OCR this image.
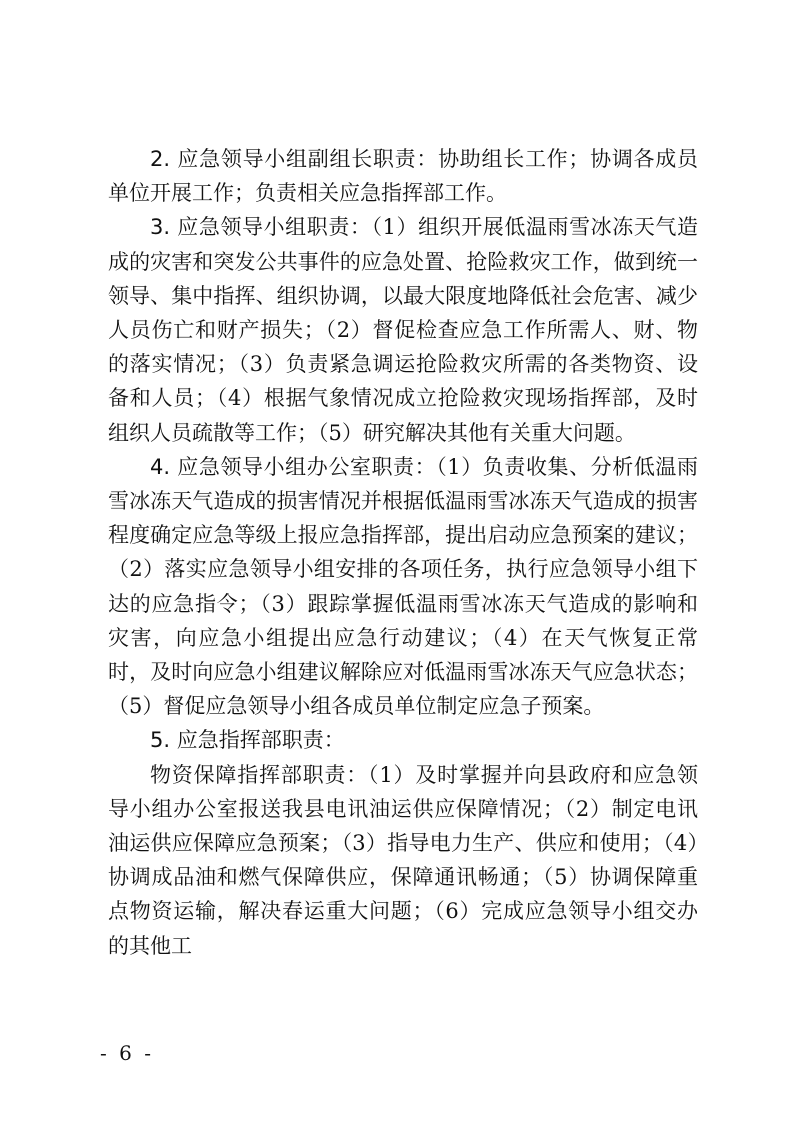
2. 应急领导小组副组长职责：协助组长工作；协调各成员单位开展工作；负责相关应急指挥部工作。

3. 应急领导小组职责：（1）组织开展低温雨雪冰冻天气造成的灾害和突发公共事件的应急处置、抢险救灾工作，做到统一领导、集中指挥、组织协调，以最大限度地降低社会危害、减少人员伤亡和财产损失；（2）督促检查应急工作所需人、财、物的落实情况；（3）负责紧急调运抢险救灾所需的各类物资、设备和人员；（4）根据气象情况成立抢险救灾现场指挥部，及时组织人员疏散等工作；（5）研究解决其他有关重大问题。

4. 应急领导小组办公室职责：（1）负责收集、分析低温雨雪冰冻天气造成的损害情况并根据低温雨雪冰冻天气造成的损害程度确定应急等级上报应急指挥部，提出启动应急预案的建议；（2）落实应急领导小组安排的各项任务，执行应急领导小组下达的应急指令；（3）跟踪掌握低温雨雪冰冻天气造成的影响和灾害，向应急小组提出应急行动建议；（4）在天气恢复正常时，及时向应急小组建议解除应对低温雨雪冰冻天气应急状态；（5）督促应急领导小组各成员单位制定应急子预案。

5. 应急指挥部职责：

物资保障指挥部职责：（1）及时掌握并向县政府和应急领导小组办公室报送我县电讯油运供应保障情况；（2）制定电讯油运供应保障应急预案；（3）指导电力生产、供应和使用；（4）协调成品油和燃气保障供应，保障通讯畅通；（5）协调保障重点物资运输，解决春运重大问题；（6）完成应急领导小组交办的其他工

- 6 -
